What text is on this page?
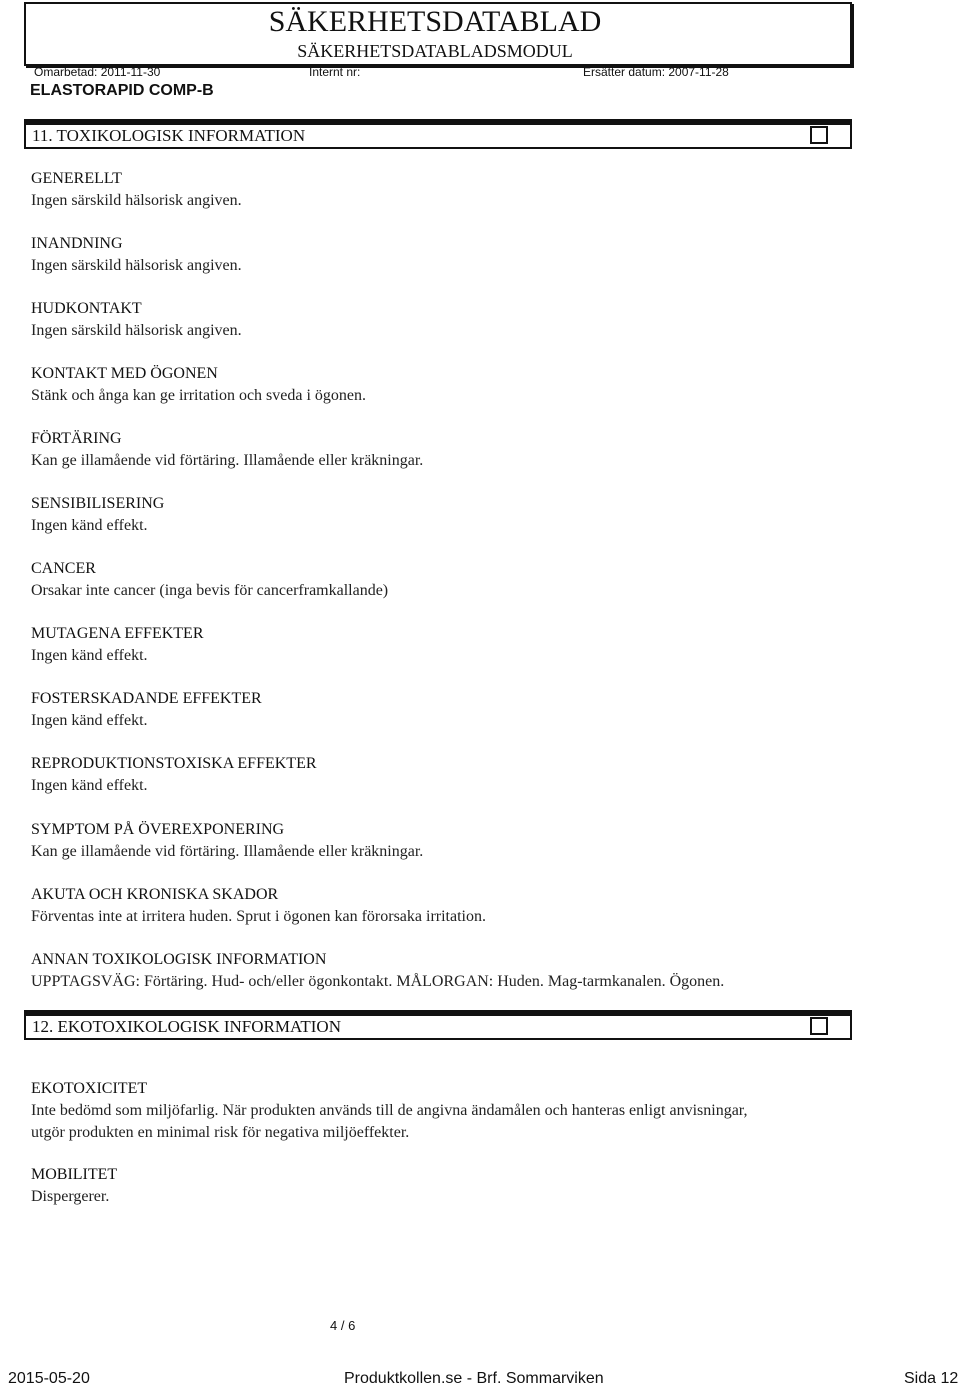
SÄKERHETSDATABLAD
SÄKERHETSDATABLADSMODUL
Omarbetad: 2011-11-30	Internt nr:	Ersätter datum: 2007-11-28
ELASTORAPID COMP-B
11. TOXIKOLOGISK INFORMATION
GENERELLT
Ingen särskild hälsorisk angiven.
INANDNING
Ingen särskild hälsorisk angiven.
HUDKONTAKT
Ingen särskild hälsorisk angiven.
KONTAKT MED ÖGONEN
Stänk och ånga kan ge irritation och sveda i ögonen.
FÖRTÄRING
Kan ge illamående vid förtäring. Illamående eller kräkningar.
SENSIBILISERING
Ingen känd effekt.
CANCER
Orsakar inte cancer (inga bevis för cancerframkallande)
MUTAGENA EFFEKTER
Ingen känd effekt.
FOSTERSKADANDE EFFEKTER
Ingen känd effekt.
REPRODUKTIONSTOXISKA EFFEKTER
Ingen känd effekt.
SYMPTOM PÅ ÖVEREXPONERING
Kan ge illamående vid förtäring. Illamående eller kräkningar.
AKUTA OCH KRONISKA SKADOR
Förventas inte at irritera huden. Sprut i ögonen kan förorsaka irritation.
ANNAN TOXIKOLOGISK INFORMATION
UPPTAGSVÄG: Förtäring. Hud- och/eller ögonkontakt. MÅLORGAN: Huden. Mag-tarmkanalen. Ögonen.
12. EKOTOXIKOLOGISK INFORMATION
EKOTOXICITET
Inte bedömd som miljöfarlig. När produkten används till de angivna ändamålen och hanteras enligt anvisningar,
utgör produkten en minimal risk för negativa miljöeffekter.
MOBILITET
Dispergerer.
4 / 6
2015-05-20	Produktkollen.se - Brf. Sommarviken	Sida 12
